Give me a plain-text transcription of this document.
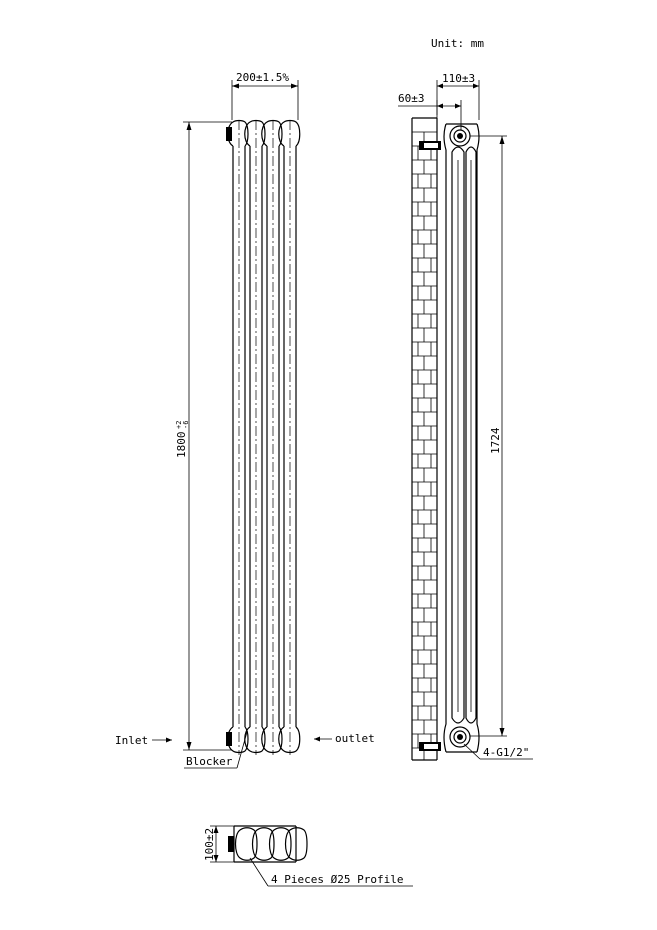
Unit: mm
200±1.5%
1800
+2 -6
Inlet	outlet
Blocker
110±3
60±3
1724
4-G1/2"
100±2
4 Pieces Ø25 Profile
